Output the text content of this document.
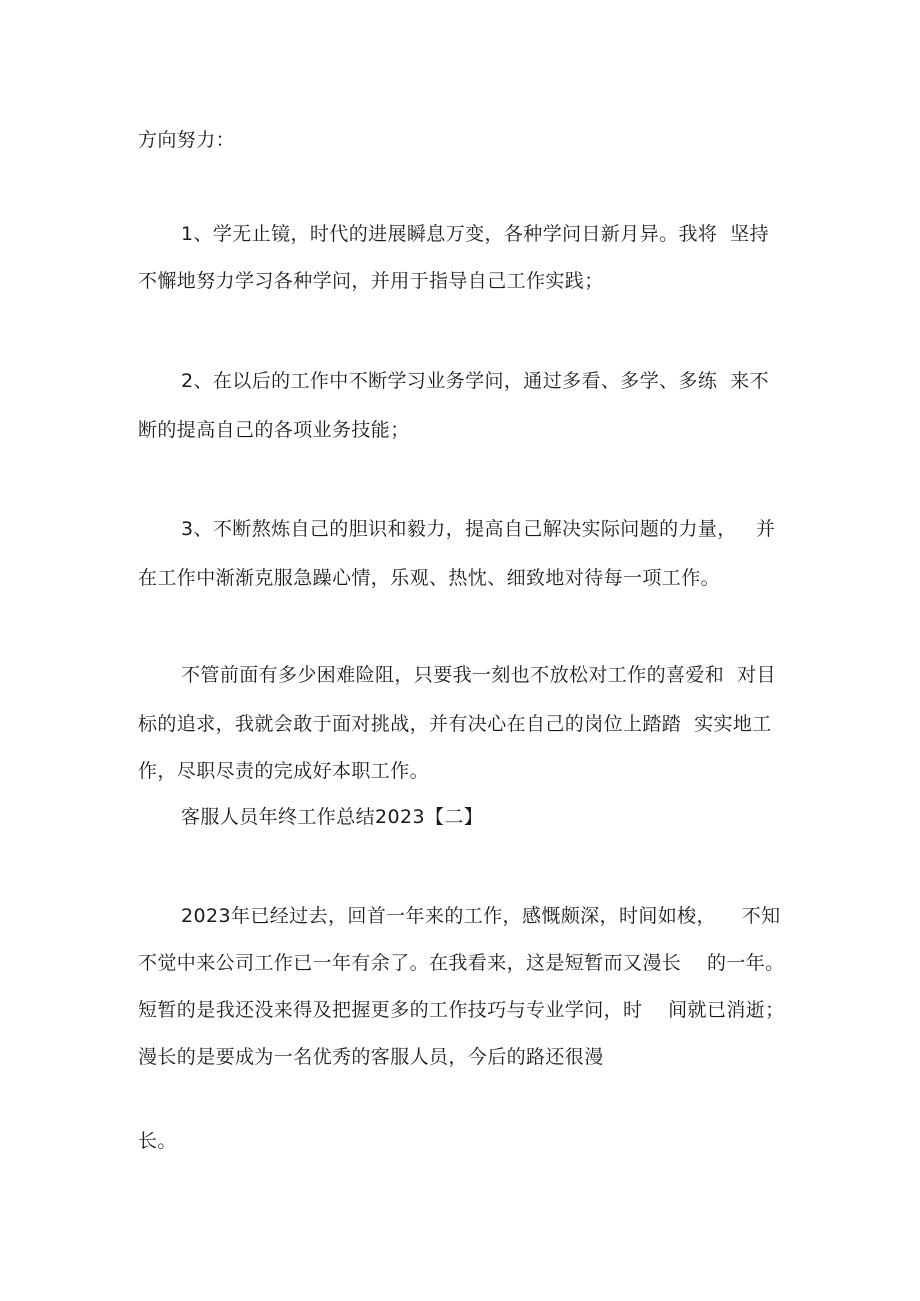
方向努力：

1、学无止镜，时代的进展瞬息万变，各种学问日新月异。我将  坚持

不懈地努力学习各种学问，并用于指导自己工作实践；

2、在以后的工作中不断学习业务学问，通过多看、多学、多练  来不

断的提高自己的各项业务技能；

3、不断熬炼自己的胆识和毅力，提高自己解决实际问题的力量，   并

在工作中渐渐克服急躁心情，乐观、热忱、细致地对待每一项工作。

不管前面有多少困难险阻，只要我一刻也不放松对工作的喜爱和  对目

标的追求，我就会敢于面对挑战，并有决心在自己的岗位上踏踏  实实地工

作，尽职尽责的完成好本职工作。

客服人员年终工作总结2023【二】

2023年已经过去，回首一年来的工作，感慨颇深，时间如梭，    不知

不觉中来公司工作已一年有余了。在我看来，这是短暂而又漫长    的一年。

短暂的是我还没来得及把握更多的工作技巧与专业学问，时    间就已消逝；

漫长的是要成为一名优秀的客服人员，今后的路还很漫

长。
